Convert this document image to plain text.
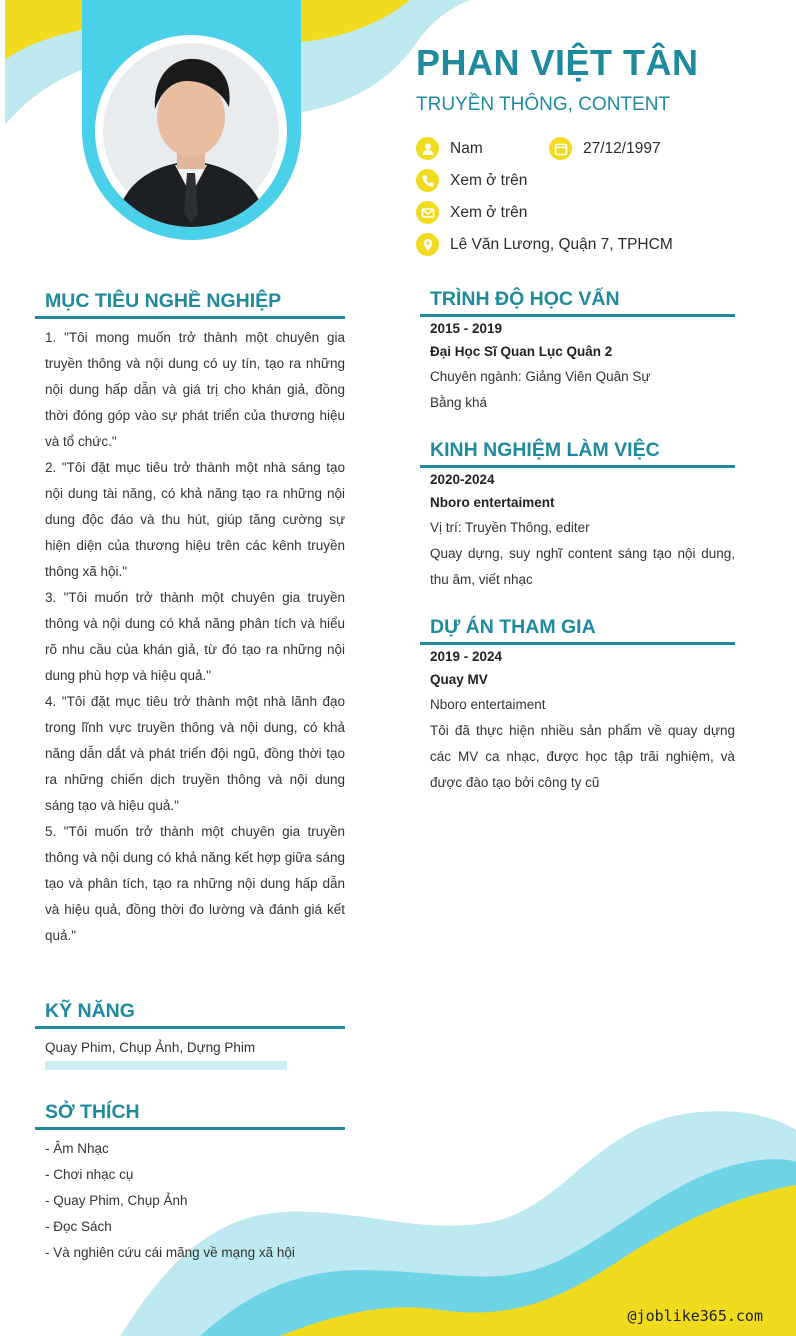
PHAN VIỆT TÂN
TRUYỀN THÔNG, CONTENT
Nam	27/12/1997
Xem ở trên
Xem ở trên
Lê Văn Lương, Quận 7, TPHCM
MỤC TIÊU NGHỀ NGHIỆP

1. "Tôi mong muốn trở thành một chuyên gia truyền thông và nội dung có uy tín, tạo ra những nội dung hấp dẫn và giá trị cho khán giả, đồng thời đóng góp vào sự phát triển của thương hiệu và tổ chức."

2. "Tôi đặt mục tiêu trở thành một nhà sáng tạo nội dung tài năng, có khả năng tạo ra những nội dung độc đáo và thu hút, giúp tăng cường sự hiện diện của thương hiệu trên các kênh truyền thông xã hội."

3. "Tôi muốn trở thành một chuyên gia truyền thông và nội dung có khả năng phân tích và hiểu rõ nhu cầu của khán giả, từ đó tạo ra những nội dung phù hợp và hiệu quả."

4. "Tôi đặt mục tiêu trở thành một nhà lãnh đạo trong lĩnh vực truyền thông và nội dung, có khả năng dẫn dắt và phát triển đội ngũ, đồng thời tạo ra những chiến dịch truyền thông và nội dung sáng tạo và hiệu quả."

5. "Tôi muốn trở thành một chuyên gia truyền thông và nội dung có khả năng kết hợp giữa sáng tạo và phân tích, tạo ra những nội dung hấp dẫn và hiệu quả, đồng thời đo lường và đánh giá kết quả."

KỸ NĂNG
Quay Phim, Chụp Ảnh, Dựng Phim
SỞ THÍCH
- Âm Nhạc
- Chơi nhạc cụ
- Quay Phim, Chụp Ảnh
- Đọc Sách
- Và nghiên cứu cái mãng về mạng xã hội
TRÌNH ĐỘ HỌC VẤN
2015 - 2019
Đại Học Sĩ Quan Lục Quân 2
Chuyên ngành: Giảng Viên Quân Sự
Bằng khá
KINH NGHIỆM LÀM VIỆC
2020-2024
Nboro entertaiment
Vị trí: Truyền Thông, editer
Quay dựng, suy nghĩ content sáng tạo nội dung, thu âm, viết nhạc
DỰ ÁN THAM GIA
2019 - 2024
Quay MV
Nboro entertaiment
Tôi đã thực hiện nhiều sản phẩm về quay dựng các MV ca nhạc, được học tập trãi nghiệm, và được đào tạo bởi công ty cũ
@joblike365.com
